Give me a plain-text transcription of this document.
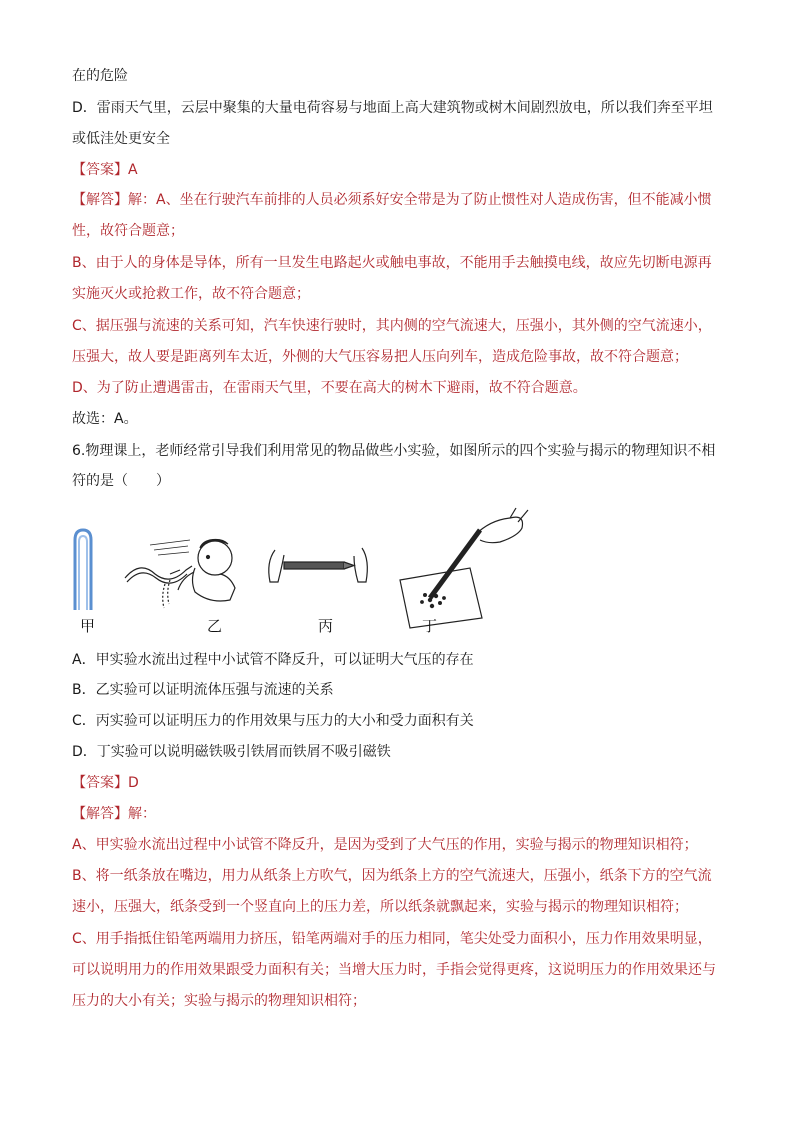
在的危险
D．雷雨天气里，云层中聚集的大量电荷容易与地面上高大建筑物或树木间剧烈放电，所以我们奔至平坦
或低洼处更安全
【答案】A
【解答】解：A、坐在行驶汽车前排的人员必须系好安全带是为了防止惯性对人造成伤害，但不能减小惯
性，故符合题意；
B、由于人的身体是导体，所有一旦发生电路起火或触电事故，不能用手去触摸电线，故应先切断电源再
实施灭火或抢救工作，故不符合题意；
C、据压强与流速的关系可知，汽车快速行驶时，其内侧的空气流速大，压强小，其外侧的空气流速小，
压强大，故人要是距离列车太近，外侧的大气压容易把人压向列车，造成危险事故，故不符合题意；
D、为了防止遭遇雷击，在雷雨天气里，不要在高大的树木下避雨，故不符合题意。
故选：A。
6.物理课上，老师经常引导我们利用常见的物品做些小实验，如图所示的四个实验与揭示的物理知识不相
符的是（　　）
甲	乙	丙	丁
A．甲实验水流出过程中小试管不降反升，可以证明大气压的存在
B．乙实验可以证明流体压强与流速的关系
C．丙实验可以证明压力的作用效果与压力的大小和受力面积有关
D．丁实验可以说明磁铁吸引铁屑而铁屑不吸引磁铁
【答案】D
【解答】解：
A、甲实验水流出过程中小试管不降反升，是因为受到了大气压的作用，实验与揭示的物理知识相符；
B、将一纸条放在嘴边，用力从纸条上方吹气，因为纸条上方的空气流速大，压强小，纸条下方的空气流
速小，压强大，纸条受到一个竖直向上的压力差，所以纸条就飘起来，实验与揭示的物理知识相符；
C、用手指抵住铅笔两端用力挤压，铅笔两端对手的压力相同，笔尖处受力面积小，压力作用效果明显，
可以说明用力的作用效果跟受力面积有关；当增大压力时，手指会觉得更疼，这说明压力的作用效果还与
压力的大小有关；实验与揭示的物理知识相符；
